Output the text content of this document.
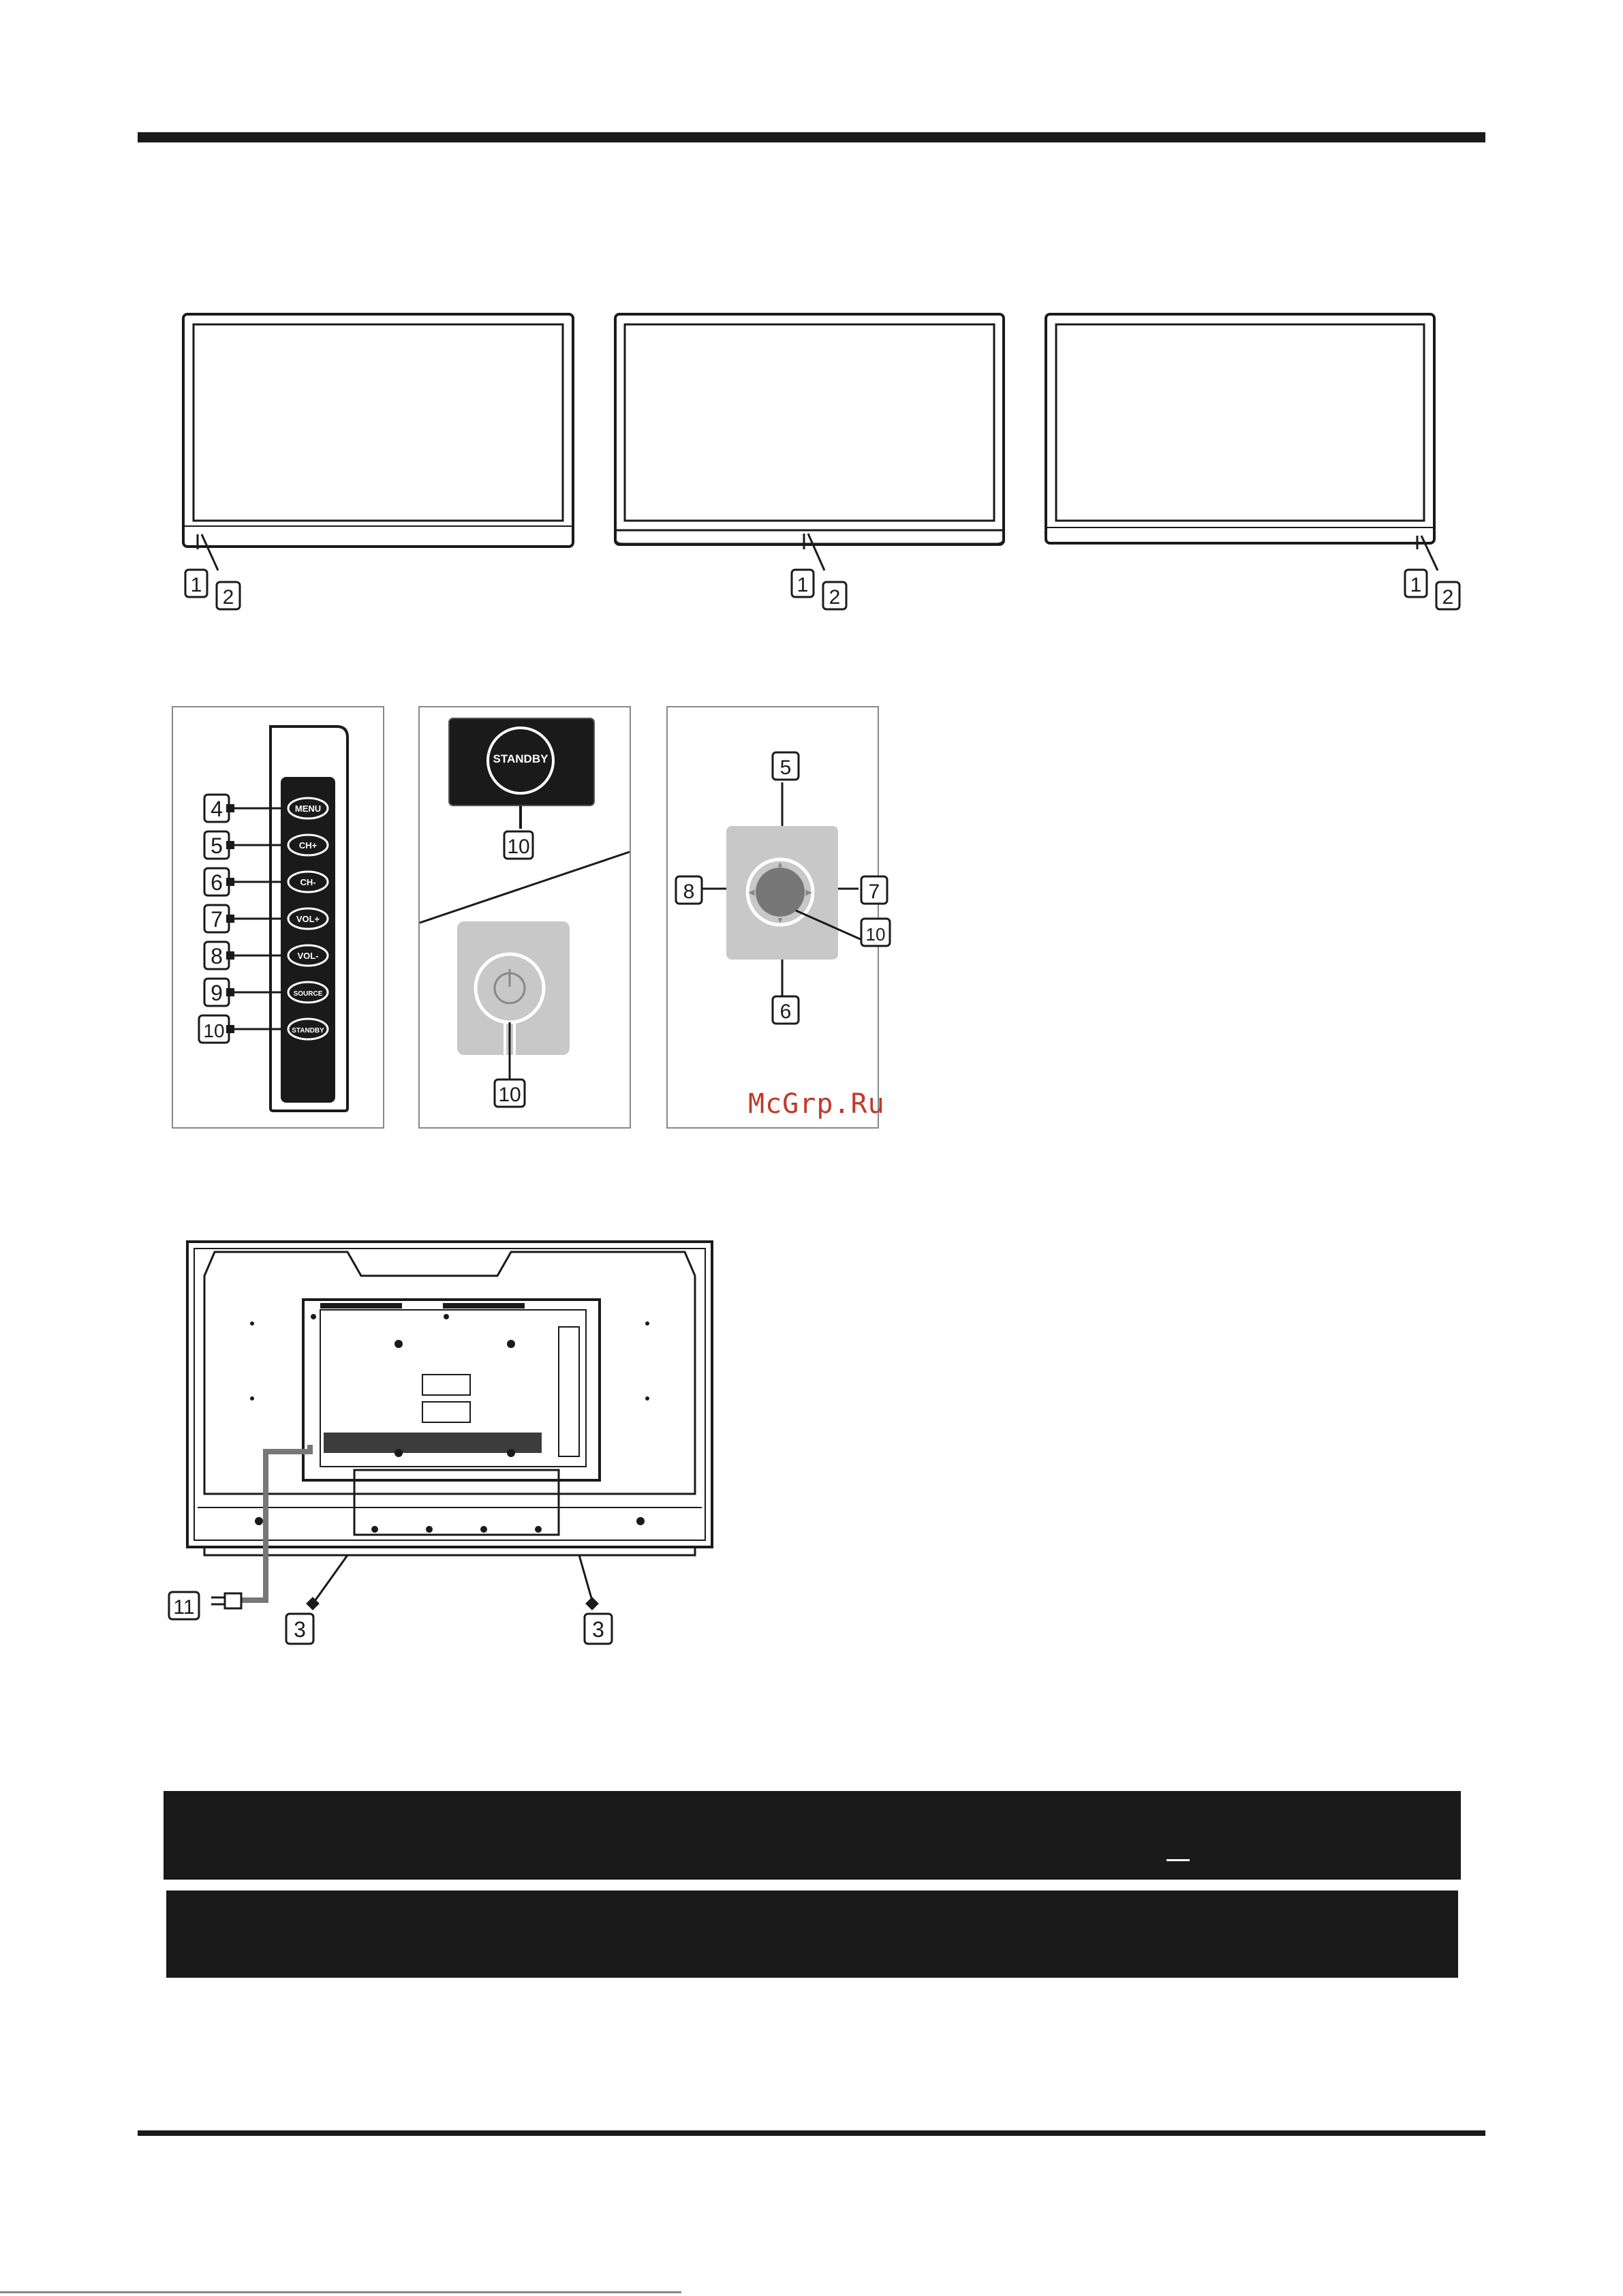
1
2
1
2
1
2
4	MENU
5	CH+
6	CH-
7	VOL+
8	VOL-
9	SOURCE
10	STANDBY
STANDBY
10
10
▲
▼
◀	▶
5
8	7
10
6
McGrp.Ru
11
3	3
